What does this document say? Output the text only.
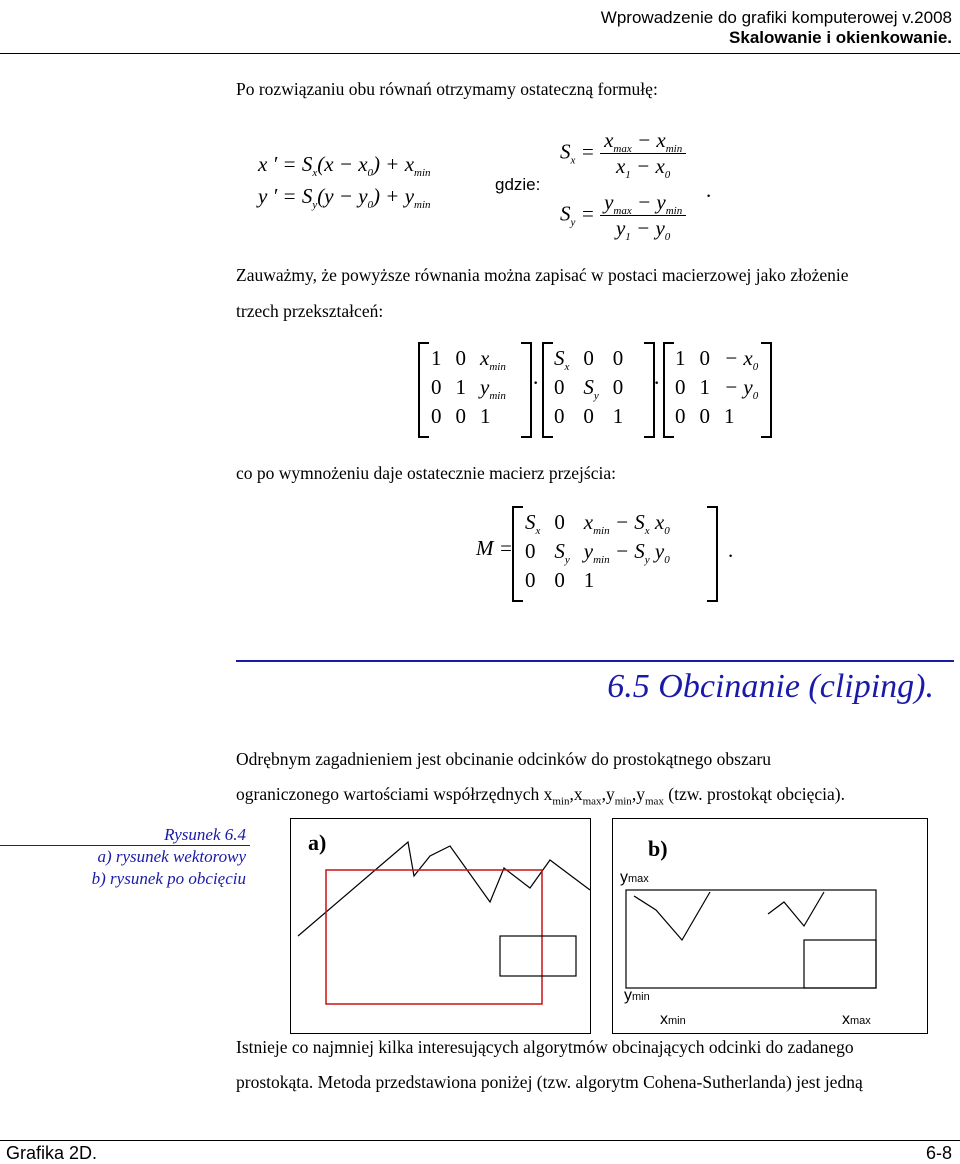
Wprowadzenie do grafiki komputerowej v.2008
Skalowanie i okienkowanie.
Po rozwiązaniu obu równań otrzymamy ostateczną formułę:
x ′ = $S_x(x - x_0) + x_{min}$
y ′ = $S_y(y - y_0) + y_{min}$
gdzie:
$S_x = \frac{x_{max} - x_{min}}{x_1 - x_0}$
$S_y = \frac{y_{max} - y_{min}}{y_1 - y_0}$ .
Zauważmy, że powyższe równania można zapisać w postaci macierzowej jako złożenie
trzech przekształceń:
1	0	$x_{min}$
0	1	$y_{min}$
0	0	1
·
$S_x$	0	0
0	$S_y$	0
0	0	1
·
1	0	− $x_0$
0	1	− $y_0$
0	0	1
co po wymnożeniu daje ostatecznie macierz przejścia:
M =
$S_x$	0	$x_{min} - S_x$ $x_0$
0	$S_y$	$y_{min} - S_y$ $y_0$
0	0	1
.
6.5 Obcinanie (cliping).
Odrębnym zagadnieniem jest obcinanie odcinków do prostokątnego obszaru
ograniczonego wartościami współrzędnych $x_{min},x_{max},y_{min},y_{max}$ (tzw. prostokąt obcięcia).
Rysunek 6.4
a) rysunek wektorowy
b) rysunek po obcięciu
a)	b)
ymax
ymin
xmin	xmax
Istnieje co najmniej kilka interesujących algorytmów obcinających odcinki do zadanego
prostokąta. Metoda przedstawiona poniżej (tzw. algorytm Cohena-Sutherlanda) jest jedną
Grafika 2D.	6-8
